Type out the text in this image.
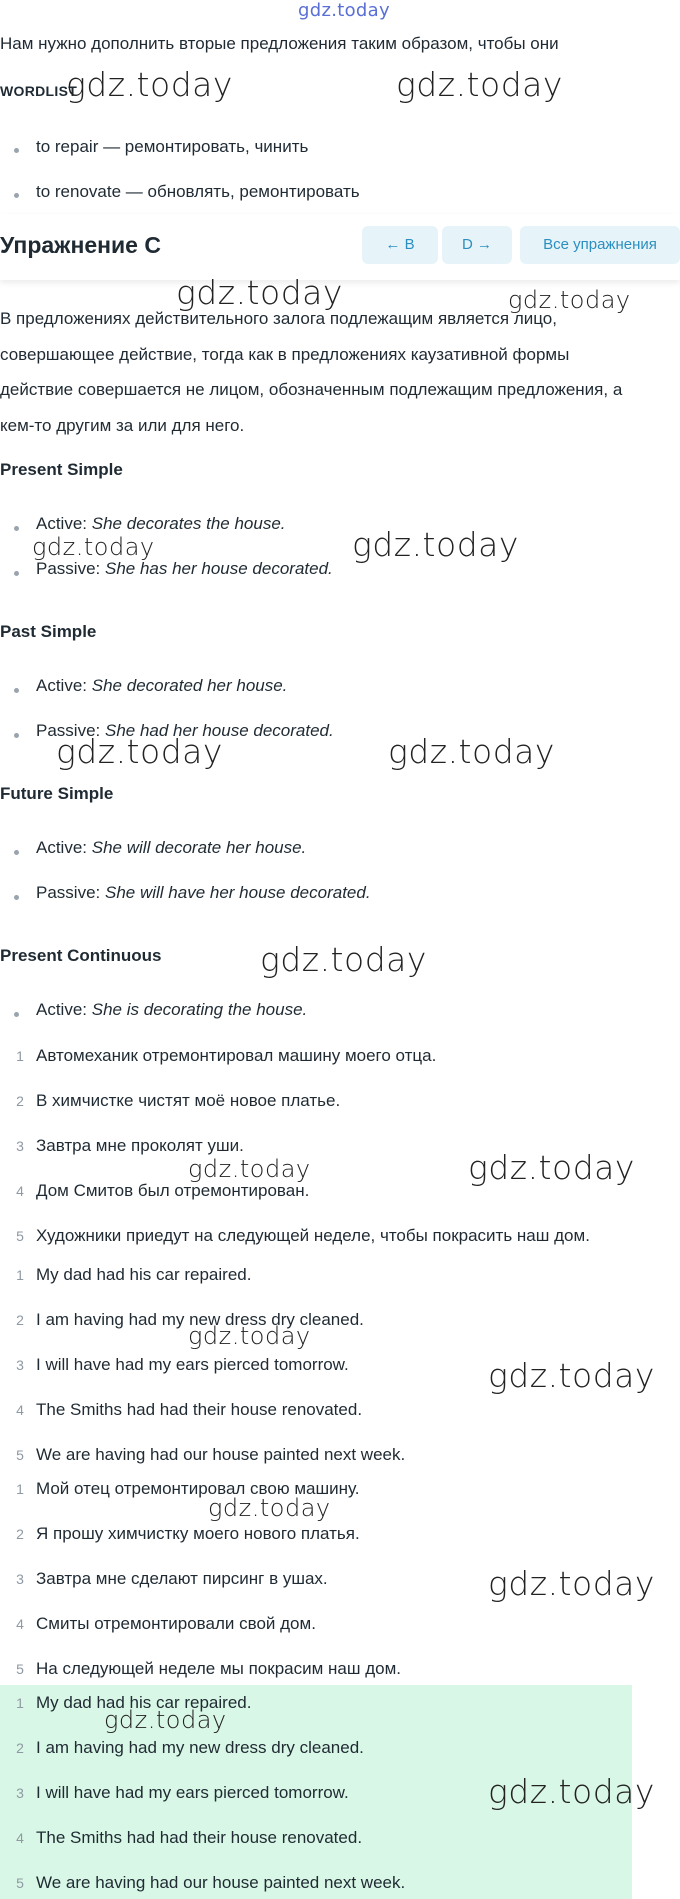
gdz.today
Нам нужно дополнить вторые предложения таким образом, чтобы они
WORDLIST
to repair — ремонтировать, чинить
to renovate — обновлять, ремонтировать
Упражнение C	← B	D →	Все упражнения
В предложениях действительного залога подлежащим является лицо,
совершающее действие, тогда как в предложениях каузативной формы
действие совершается не лицом, обозначенным подлежащим предложения, а
кем-то другим за или для него.
Present Simple
Active: She decorates the house.
Passive: She has her house decorated.
Past Simple
Active: She decorated her house.
Passive: She had her house decorated.
Future Simple
Active: She will decorate her house.
Passive: She will have her house decorated.
Present Continuous
Active: She is decorating the house.
1 Автомеханик отремонтировал машину моего отца.
2 В химчистке чистят моё новое платье.
3 Завтра мне проколят уши.
4 Дом Смитов был отремонтирован.
5 Художники приедут на следующей неделе, чтобы покрасить наш дом.
1 My dad had his car repaired.
2 I am having had my new dress dry cleaned.
3 I will have had my ears pierced tomorrow.
4 The Smiths had had their house renovated.
5 We are having had our house painted next week.
1 Мой отец отремонтировал свою машину.
2 Я прошу химчистку моего нового платья.
3 Завтра мне сделают пирсинг в ушах.
4 Смиты отремонтировали свой дом.
5 На следующей неделе мы покрасим наш дом.
1 My dad had his car repaired.
2 I am having had my new dress dry cleaned.
3 I will have had my ears pierced tomorrow.
4 The Smiths had had their house renovated.
5 We are having had our house painted next week.
gdz.today	gdz.today
gdz.today	gdz.today
gdz.today	gdz.today
gdz.today	gdz.today
gdz.today
gdz.today	gdz.today
gdz.today
gdz.today
gdz.today
gdz.today
gdz.today
gdz.today
